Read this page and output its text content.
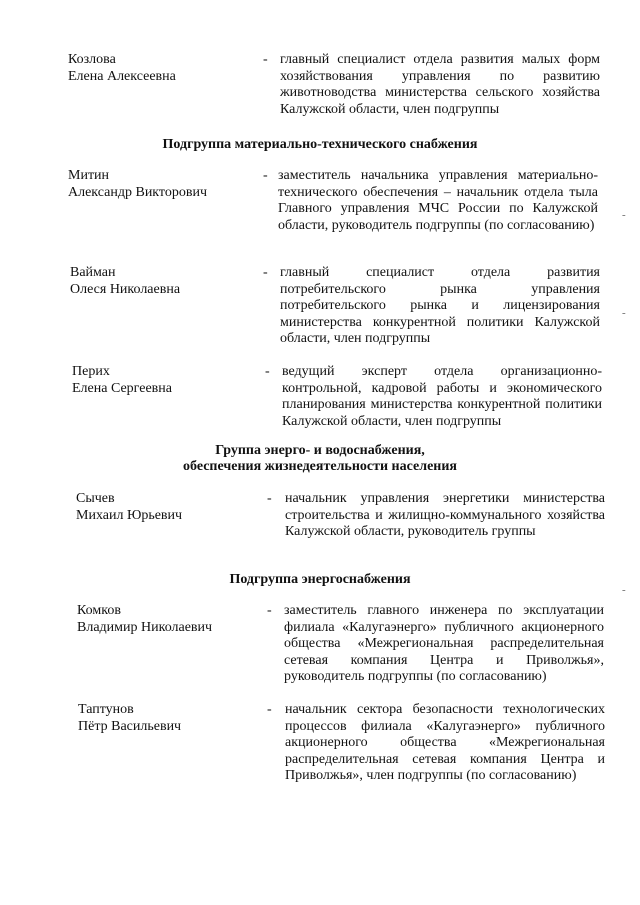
Козлова
Елена Алексеевна
- главный специалист отдела развития малых форм хозяйствования управления по развитию животноводства министерства сельского хозяйства Калужской области, член подгруппы
Подгруппа материально-технического снабжения
Митин
Александр Викторович
- заместитель начальника управления материально-технического обеспечения – начальник отдела тыла Главного управления МЧС России по Калужской области, руководитель подгруппы (по согласованию)
Вайман
Олеся Николаевна
- главный специалист отдела развития потребительского рынка управления потребительского рынка и лицензирования министерства конкурентной политики Калужской области, член подгруппы
Перих
Елена Сергеевна
- ведущий эксперт отдела организационно-контрольной, кадровой работы и экономического планирования министерства конкурентной политики Калужской области, член подгруппы
Группа энерго- и водоснабжения,
обеспечения жизнедеятельности населения
Сычев
Михаил Юрьевич
- начальник управления энергетики министерства строительства и жилищно-коммунального хозяйства Калужской области, руководитель группы
Подгруппа энергоснабжения
Комков
Владимир Николаевич
- заместитель главного инженера по эксплуатации филиала «Калугаэнерго» публичного акционерного общества «Межрегиональная распределительная сетевая компания Центра и Приволжья», руководитель подгруппы (по согласованию)
Таптунов
Пётр Васильевич
- начальник сектора безопасности технологических процессов филиала «Калугаэнерго» публичного акционерного общества «Межрегиональная распределительная сетевая компания Центра и Приволжья», член подгруппы (по согласованию)
-
-
-
